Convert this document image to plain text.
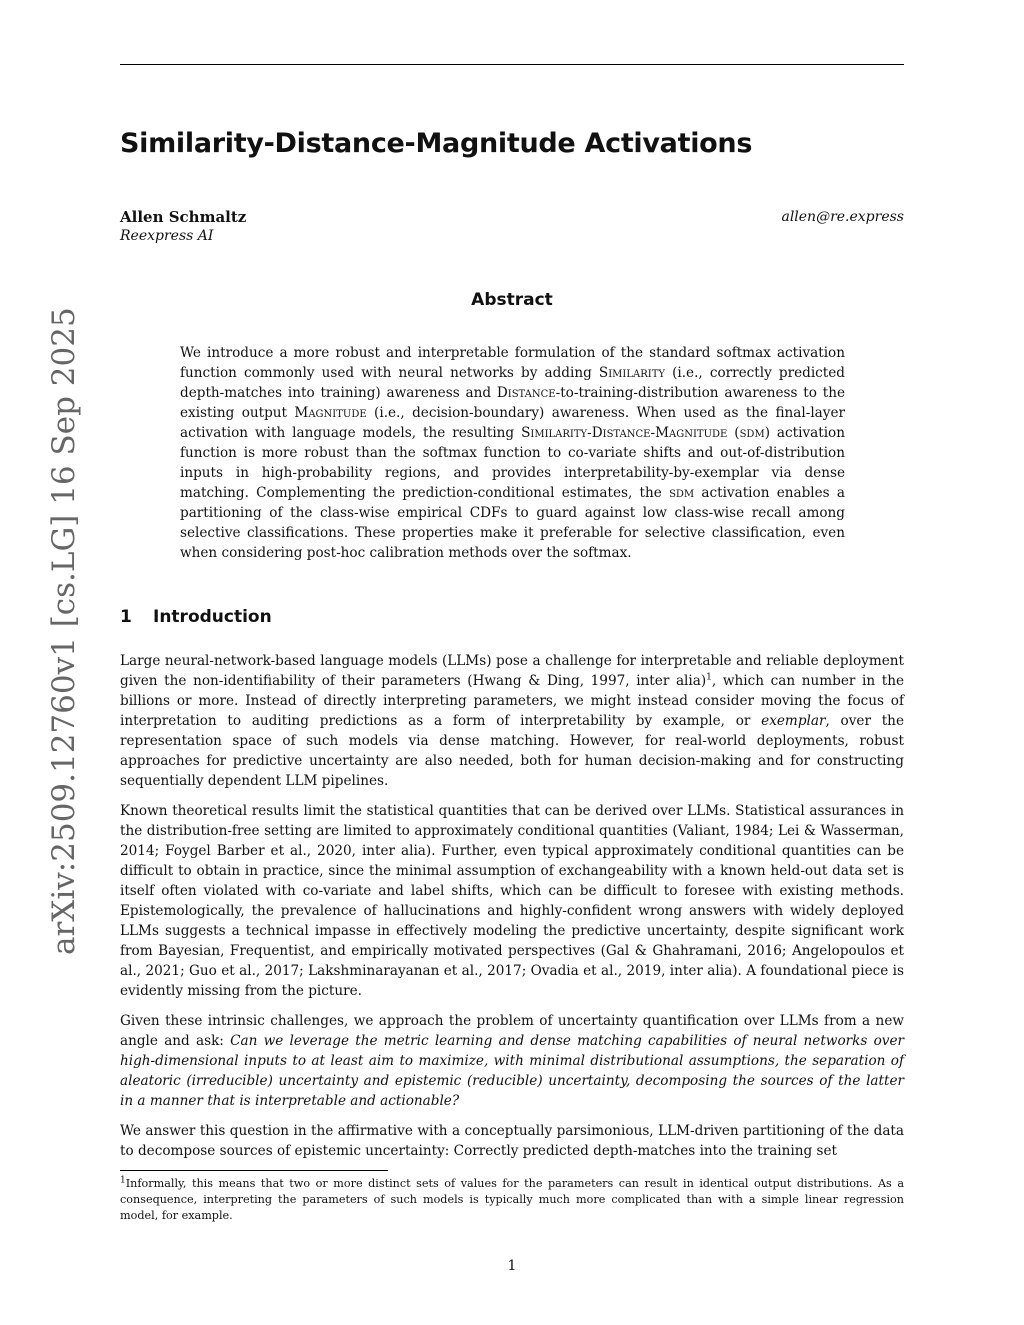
arXiv:2509.12760v1 [cs.LG] 16 Sep 2025
Similarity-Distance-Magnitude Activations
Allen Schmaltz
Reexpress AI
allen@re.express
Abstract

We introduce a more robust and interpretable formulation of the standard softmax activation function commonly used with neural networks by adding Similarity (i.e., correctly predicted depth-matches into training) awareness and Distance-to-training-distribution awareness to the existing output Magnitude (i.e., decision-boundary) awareness. When used as the final-layer activation with language models, the resulting Similarity-Distance-Magnitude (sdm) activation function is more robust than the softmax function to co-variate shifts and out-of-distribution inputs in high-probability regions, and provides interpretability-by-exemplar via dense matching. Complementing the prediction-conditional estimates, the sdm activation enables a partitioning of the class-wise empirical CDFs to guard against low class-wise recall among selective classifications. These properties make it preferable for selective classification, even when considering post-hoc calibration methods over the softmax.

1 Introduction

Large neural-network-based language models (LLMs) pose a challenge for interpretable and reliable deployment given the non-identifiability of their parameters (Hwang & Ding, 1997, inter alia)$^1$, which can number in the billions or more. Instead of directly interpreting parameters, we might instead consider moving the focus of interpretation to auditing predictions as a form of interpretability by example, or exemplar, over the representation space of such models via dense matching. However, for real-world deployments, robust approaches for predictive uncertainty are also needed, both for human decision-making and for constructing sequentially dependent LLM pipelines.

Known theoretical results limit the statistical quantities that can be derived over LLMs. Statistical assurances in the distribution-free setting are limited to approximately conditional quantities (Valiant, 1984; Lei & Wasserman, 2014; Foygel Barber et al., 2020, inter alia). Further, even typical approximately conditional quantities can be difficult to obtain in practice, since the minimal assumption of exchangeability with a known held-out data set is itself often violated with co-variate and label shifts, which can be difficult to foresee with existing methods. Epistemologically, the prevalence of hallucinations and highly-confident wrong answers with widely deployed LLMs suggests a technical impasse in effectively modeling the predictive uncertainty, despite significant work from Bayesian, Frequentist, and empirically motivated perspectives (Gal & Ghahramani, 2016; Angelopoulos et al., 2021; Guo et al., 2017; Lakshminarayanan et al., 2017; Ovadia et al., 2019, inter alia). A foundational piece is evidently missing from the picture.

Given these intrinsic challenges, we approach the problem of uncertainty quantification over LLMs from a new angle and ask: Can we leverage the metric learning and dense matching capabilities of neural networks over high-dimensional inputs to at least aim to maximize, with minimal distributional assumptions, the separation of aleatoric (irreducible) uncertainty and epistemic (reducible) uncertainty, decomposing the sources of the latter in a manner that is interpretable and actionable?

We answer this question in the affirmative with a conceptually parsimonious, LLM-driven partitioning of the data to decompose sources of epistemic uncertainty: Correctly predicted depth-matches into the training set

$^1$Informally, this means that two or more distinct sets of values for the parameters can result in identical output distributions. As a consequence, interpreting the parameters of such models is typically much more complicated than with a simple linear regression model, for example.

1
